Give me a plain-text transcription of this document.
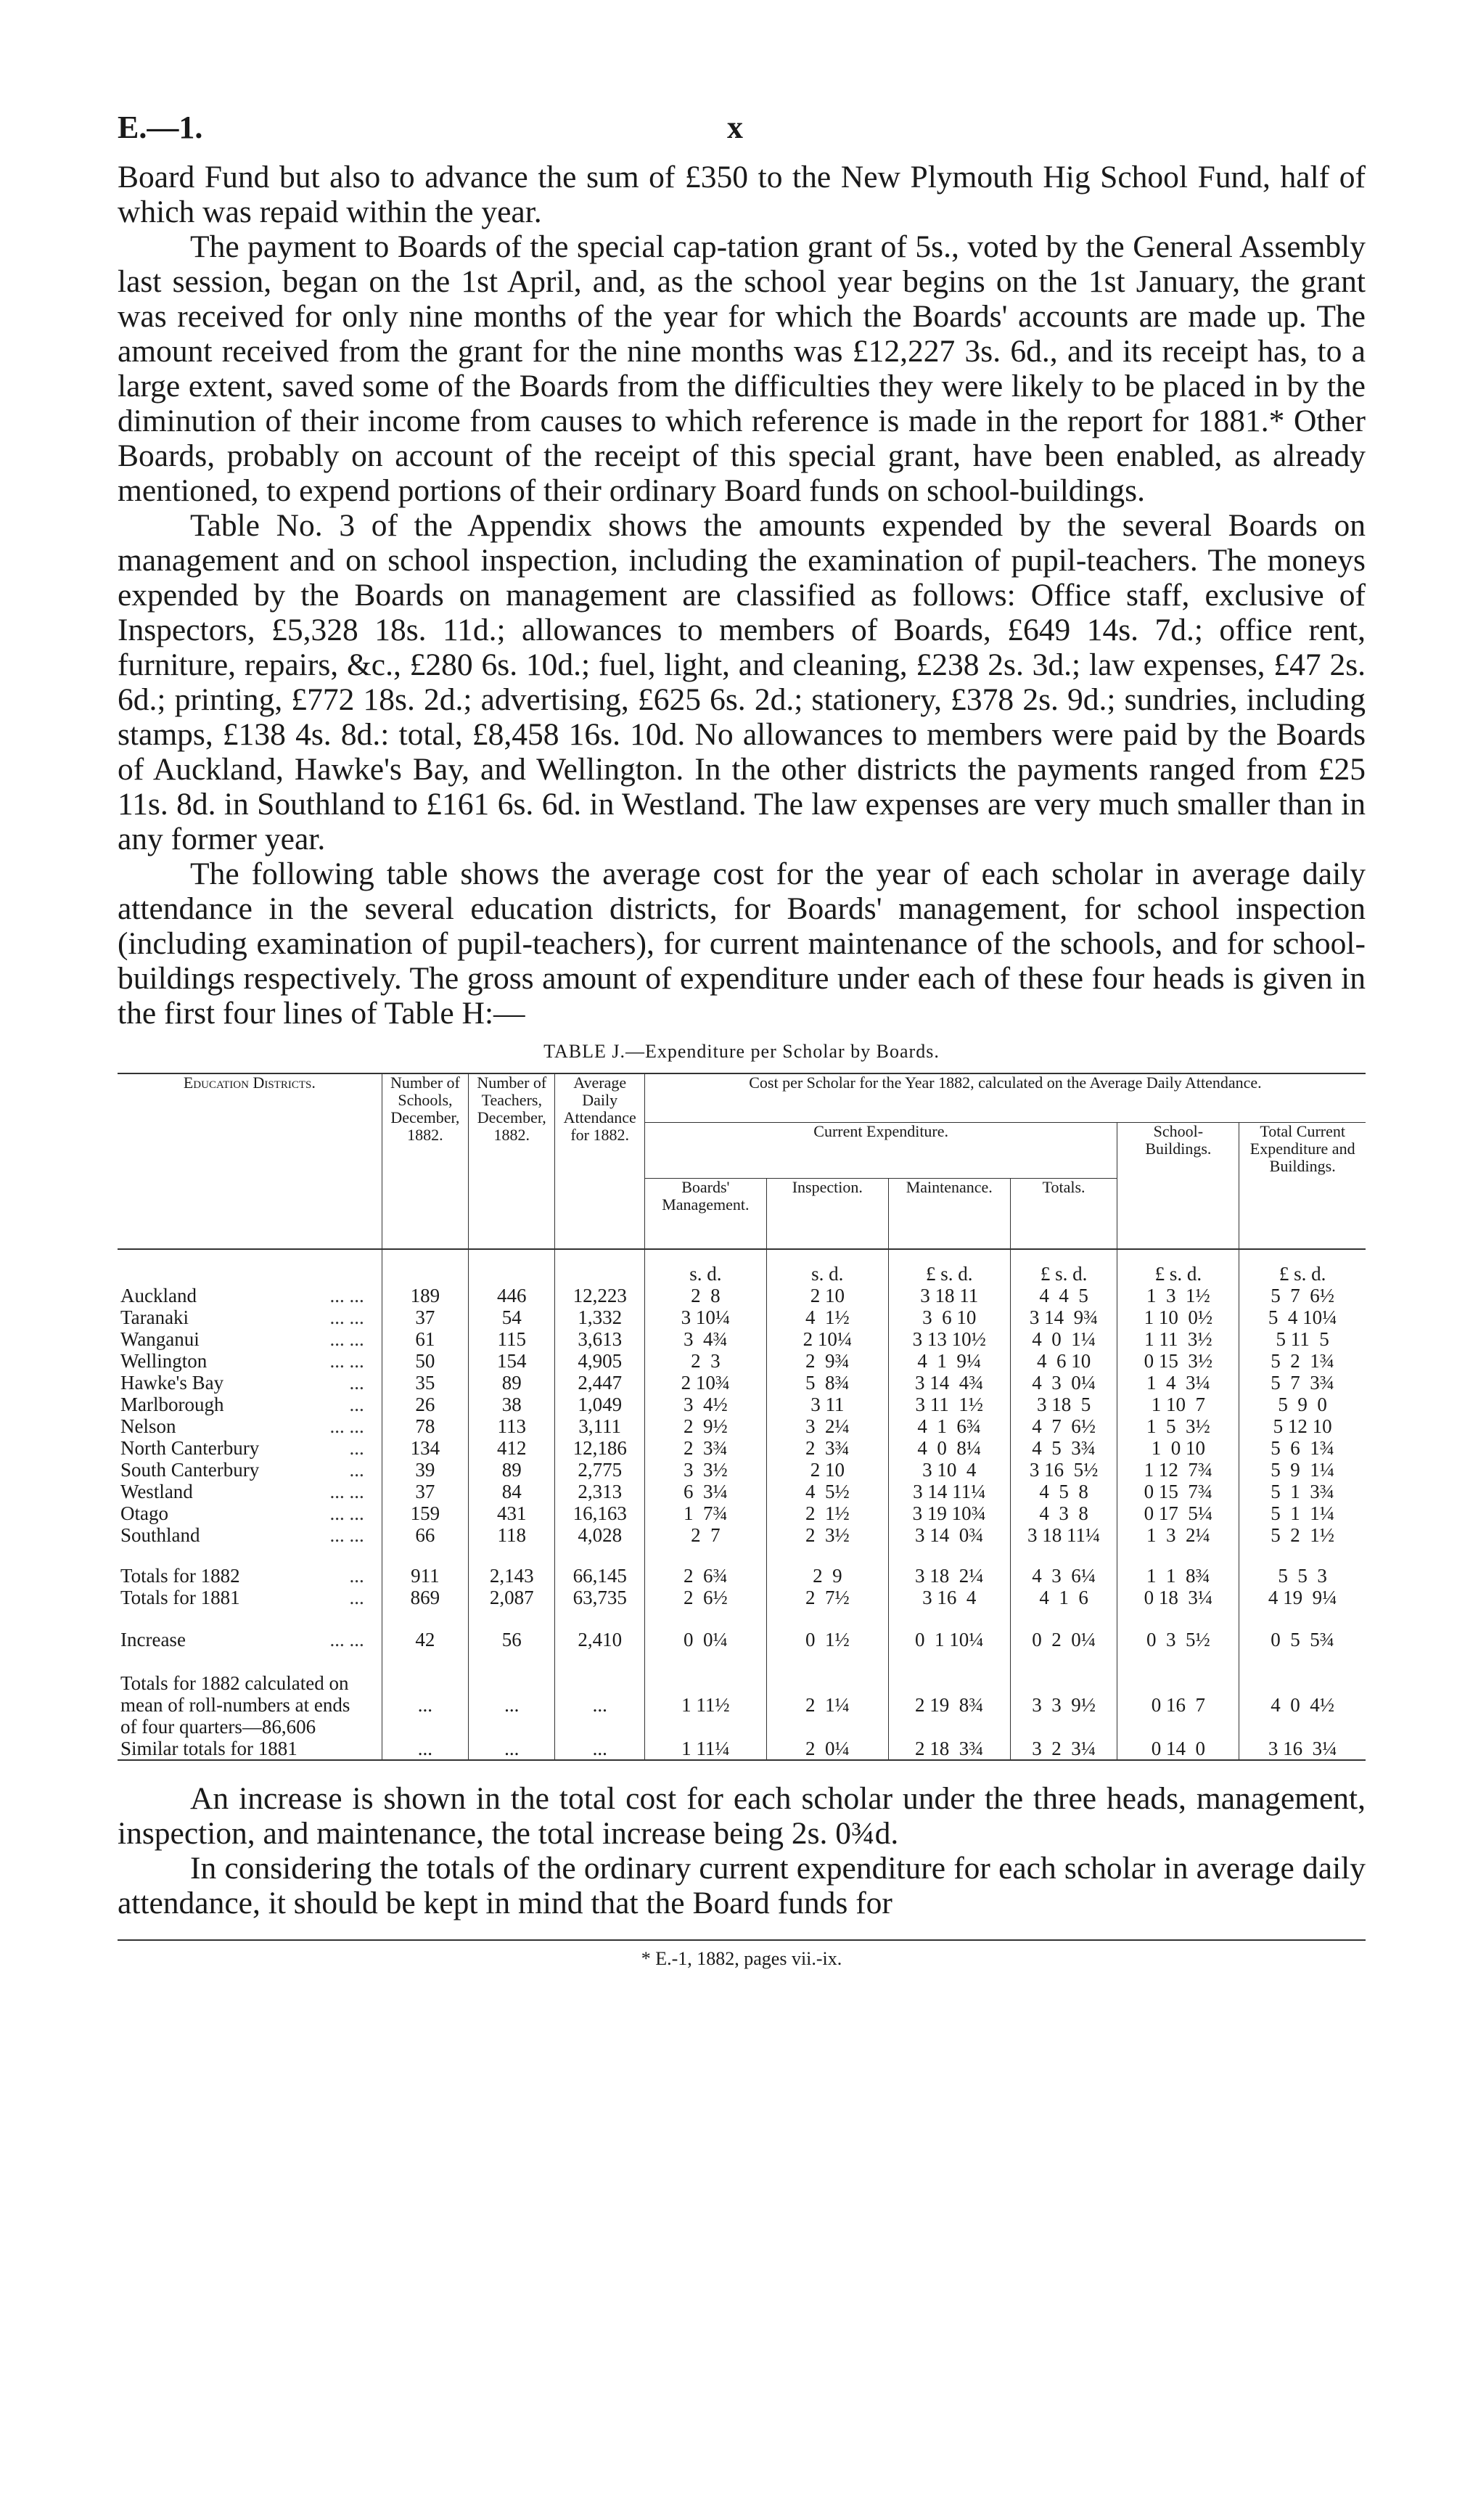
E.—1.	x

Board Fund but also to advance the sum of £350 to the New Plymouth Hig School Fund, half of which was repaid within the year.

The payment to Boards of the special cap-tation grant of 5s., voted by the General Assembly last session, began on the 1st April, and, as the school year begins on the 1st January, the grant was received for only nine months of the year for which the Boards' accounts are made up. The amount received from the grant for the nine months was £12,227 3s. 6d., and its receipt has, to a large extent, saved some of the Boards from the difficulties they were likely to be placed in by the diminution of their income from causes to which reference is made in the report for 1881.* Other Boards, probably on account of the receipt of this special grant, have been enabled, as already mentioned, to expend portions of their ordinary Board funds on school-buildings.

Table No. 3 of the Appendix shows the amounts expended by the several Boards on management and on school inspection, including the examination of pupil-teachers. The moneys expended by the Boards on management are classified as follows: Office staff, exclusive of Inspectors, £5,328 18s. 11d.; allowances to members of Boards, £649 14s. 7d.; office rent, furniture, repairs, &c., £280 6s. 10d.; fuel, light, and cleaning, £238 2s. 3d.; law expenses, £47 2s. 6d.; printing, £772 18s. 2d.; advertising, £625 6s. 2d.; stationery, £378 2s. 9d.; sundries, including stamps, £138 4s. 8d.: total, £8,458 16s. 10d. No allowances to members were paid by the Boards of Auckland, Hawke's Bay, and Wellington. In the other districts the payments ranged from £25 11s. 8d. in Southland to £161 6s. 6d. in Westland. The law expenses are very much smaller than in any former year.

The following table shows the average cost for the year of each scholar in average daily attendance in the several education districts, for Boards' management, for school inspection (including examination of pupil-teachers), for current maintenance of the schools, and for school-buildings respectively. The gross amount of expenditure under each of these four heads is given in the first four lines of Table H:—

TABLE J.—Expenditure per Scholar by Boards.
Education Districts.	Number of Schools, December, 1882.	Number of Teachers, December, 1882.	Average Daily Attendance for 1882.	Cost per Scholar for the Year 1882, calculated on the Average Daily Attendance.					
				Current Expenditure.				School-Buildings.	Total Current Expenditure and Buildings.
				Boards' Management.	Inspection.	Maintenance.	Totals.		
				s. d.	s. d.	£ s. d.	£ s. d.	£ s. d.	£ s. d.
Auckland ... ...	189	446	12,223	2  8	2 10	3 18 11	4  4  5	1  3  1½	5  7  6½
Taranaki ... ...	37	54	1,332	3 10¼	4  1½	3  6 10	3 14  9¾	1 10  0½	5  4 10¼
Wanganui ... ...	61	115	3,613	3  4¾	2 10¼	3 13 10½	4  0  1¼	1 11  3½	5 11  5
Wellington ... ...	50	154	4,905	2  3	2  9¾	4  1  9¼	4  6 10	0 15  3½	5  2  1¾
Hawke's Bay ...	35	89	2,447	2 10¾	5  8¾	3 14  4¾	4  3  0¼	1  4  3¼	5  7  3¾
Marlborough ...	26	38	1,049	3  4½	3 11	3 11  1½	3 18  5	1 10  7	5  9  0
Nelson ... ...	78	113	3,111	2  9½	3  2¼	4  1  6¾	4  7  6½	1  5  3½	5 12 10
North Canterbury ...	134	412	12,186	2  3¾	2  3¾	4  0  8¼	4  5  3¾	1  0 10	5  6  1¾
South Canterbury ...	39	89	2,775	3  3½	2 10	3 10  4	3 16  5½	1 12  7¾	5  9  1¼
Westland ... ...	37	84	2,313	6  3¼	4  5½	3 14 11¼	4  5  8	0 15  7¾	5  1  3¾
Otago ... ...	159	431	16,163	1  7¾	2  1½	3 19 10¾	4  3  8	0 17  5¼	5  1  1¼
Southland ... ...	66	118	4,028	2  7	2  3½	3 14  0¾	3 18 11¼	1  3  2¼	5  2  1½
Totals for 1882 ...	911	2,143	66,145	2  6¾	2  9	3 18  2¼	4  3  6¼	1  1  8¾	5  5  3
Totals for 1881 ...	869	2,087	63,735	2  6½	2  7½	3 16  4	4  1  6	0 18  3¼	4 19  9¼
Increase ... ...	42	56	2,410	0  0¼	0  1½	0  1 10¼	0  2  0¼	0  3  5½	0  5  5¾
Totals for 1882 calculated on mean of roll-numbers at ends of four quarters—86,606	...	...	...	1 11½	2  1¼	2 19  8¾	3  3  9½	0 16  7	4  0  4½
Similar totals for 1881	...	...	...	1 11¼	2  0¼	2 18  3¾	3  2  3¼	0 14  0	3 16  3¼

An increase is shown in the total cost for each scholar under the three heads, management, inspection, and maintenance, the total increase being 2s. 0¾d.

In considering the totals of the ordinary current expenditure for each scholar in average daily attendance, it should be kept in mind that the Board funds for

* E.-1, 1882, pages vii.-ix.
